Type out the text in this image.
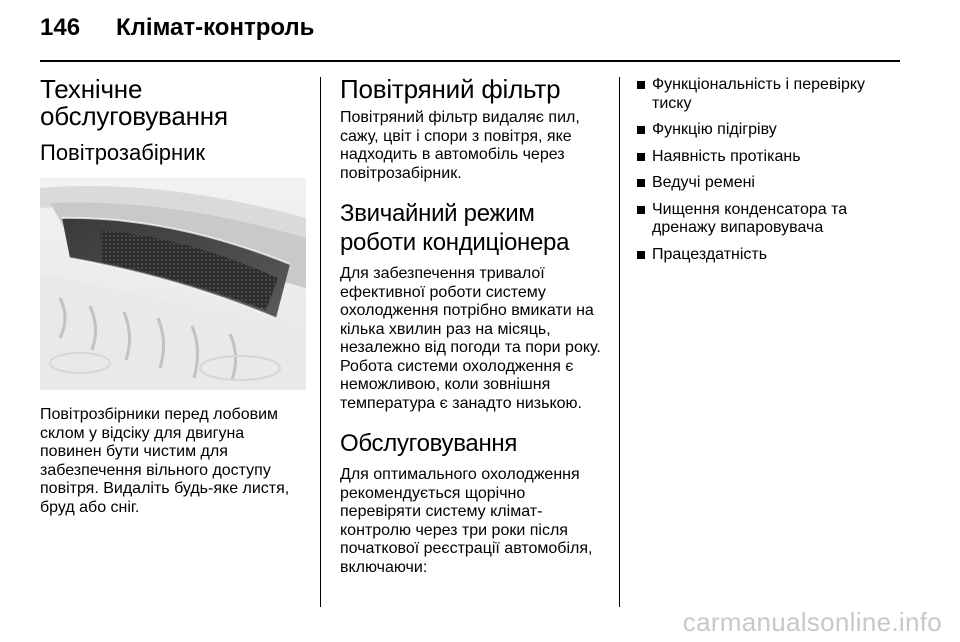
146	Клімат-контроль
Технічне обслуговування
Повітрозабірник

Повітрозбірники перед лобовим склом у відсіку для двигуна повинен бути чистим для забезпечення вільного доступу повітря. Видаліть будь-яке листя, бруд або сніг.

Повітряний фільтр

Повітряний фільтр видаляє пил, сажу, цвіт і спори з повітря, яке надходить в автомобіль через повітрозабірник.

Звичайний режим роботи кондиціонера

Для забезпечення тривалої ефективної роботи систему охолодження потрібно вмикати на кілька хвилин раз на місяць, незалежно від погоди та пори року. Робота системи охолодження є неможливою, коли зовнішня температура є занадто низькою.

Обслуговування

Для оптимального охолодження рекомендується щорічно перевіряти систему клімат-контролю через три роки після початкової реєстрації автомобіля, включаючи:

Функціональність і перевірку тиску
Функцію підігріву
Наявність протікань
Ведучі ремені
Чищення конденсатора та дренажу випаровувача
Працездатність
carmanualsonline.info
